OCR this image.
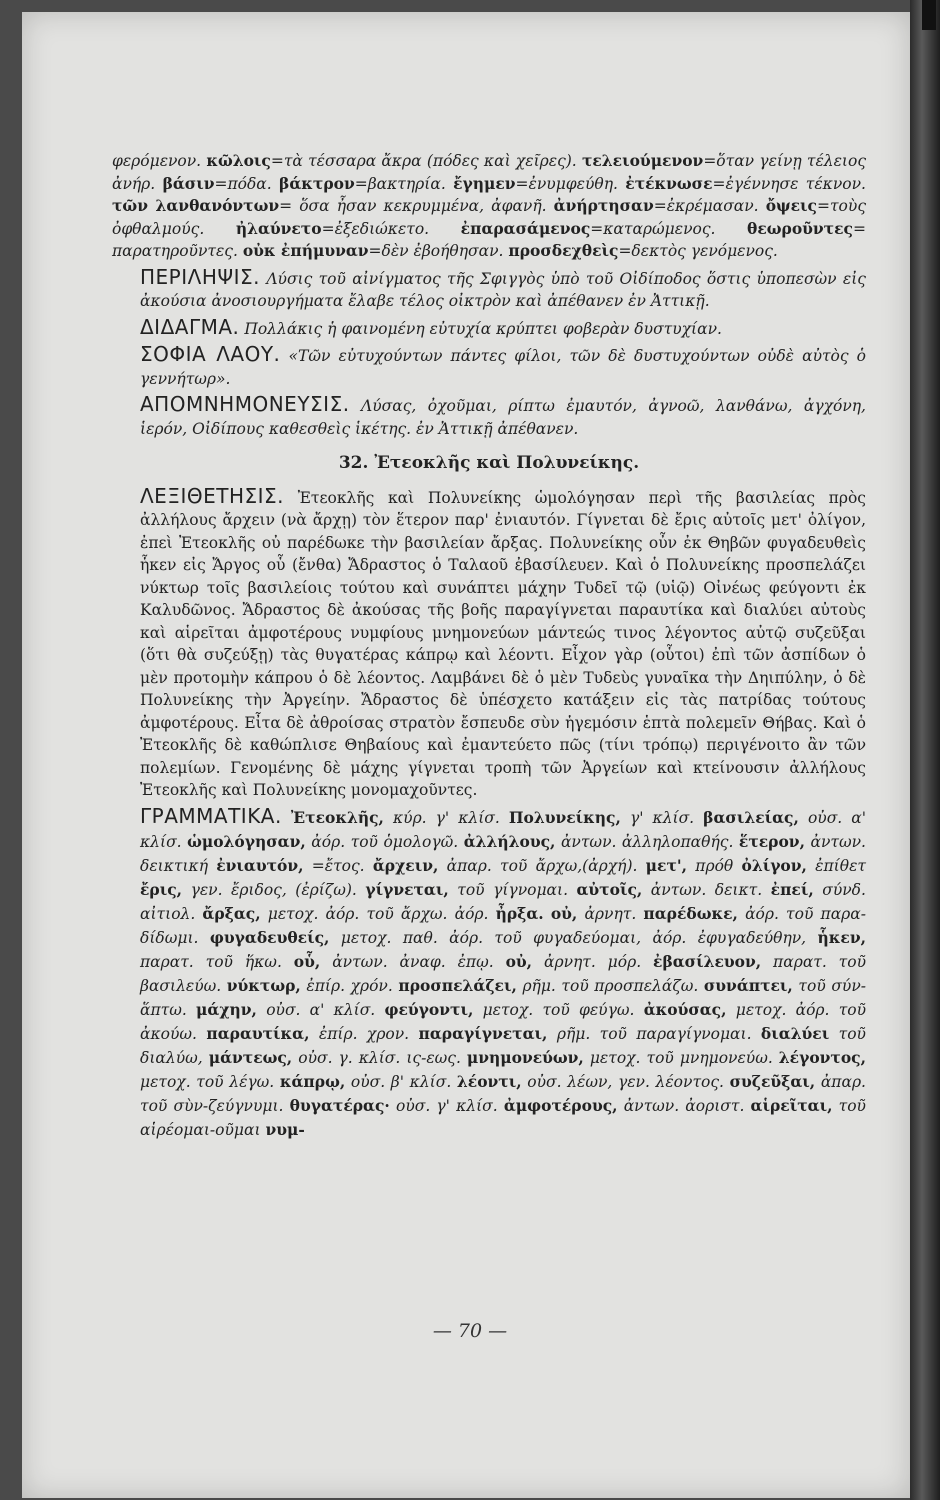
φερόμενον. κῶλοις=τὰ τέσσαρα ἄκρα (πόδες καὶ χεῖρες). τελειούμενον=ὅταν γείνῃ τέλειος ἀνήρ. βάσιν=πόδα. βάκτρον=βακτηρία. ἔγημεν=ἐνυμφεύθη. ἐτέκνωσε=ἐγέννησε τέκνον. τῶν λανθανόντων= ὅσα ἦσαν κεκρυμμένα, ἀφανῆ. ἀνήρτησαν=ἐκρέμασαν. ὄψεις=τοὺς ὀφθαλμούς. ἠλαύνετο=ἐξεδιώκετο. ἐπαρασάμενος=καταρώμενος. θεωροῦντες= παρατηροῦντες. οὐκ ἐπήμυναν=δὲν ἐβοήθησαν. προσδεχθεὶς=δεκτὸς γενόμενος.

ΠΕΡΙΛΗΨΙΣ. Λύσις τοῦ αἰνίγματος τῆς Σφιγγὸς ὑπὸ τοῦ Οἰδίποδος ὅστις ὑποπεσὼν εἰς ἀκούσια ἀνοσιουργήματα ἔλαβε τέλος οἰκτρὸν καὶ ἀπέθανεν ἐν Ἀττικῇ.

ΔΙΔΑΓΜΑ. Πολλάκις ἡ φαινομένη εὐτυχία κρύπτει φοβερὰν δυστυχίαν.

ΣΟΦΙΑ ΛΑΟΥ. «Τῶν εὐτυχούντων πάντες φίλοι, τῶν δὲ δυστυχούντων οὐδὲ αὐτὸς ὁ γεννήτωρ».

ΑΠΟΜΝΗΜΟΝΕΥΣΙΣ. Λύσας, ὀχοῦμαι, ρίπτω ἐμαυτόν, ἀγνοῶ, λανθάνω, ἀγχόνη, ἱερόν, Οἰδίπους καθεσθεὶς ἱκέτης. ἐν Ἀττικῇ ἀπέθανεν.

32. Ἐτεοκλῆς καὶ Πολυνείκης.

ΛΕΞΙΘΕΤΗΣΙΣ. Ἐτεοκλῆς καὶ Πολυνείκης ὡμολόγησαν περὶ τῆς βασιλείας πρὸς ἀλλήλους ἄρχειν (νὰ ἄρχῃ) τὸν ἕτερον παρ' ἐνιαυτόν. Γίγνεται δὲ ἔρις αὐτοῖς μετ' ὀλίγον, ἐπεὶ Ἐτεοκλῆς οὐ παρέδωκε τὴν βασιλείαν ἄρξας. Πολυνείκης οὖν ἐκ Θηβῶν φυγαδευθεὶς ἧκεν εἰς Ἄργος οὗ (ἔνθα) Ἄδραστος ὁ Ταλαοῦ ἐβασίλευεν. Καὶ ὁ Πολυνείκης προσπελάζει νύκτωρ τοῖς βασιλείοις τούτου καὶ συνάπτει μάχην Τυδεῖ τῷ (υἱῷ) Οἰνέως φεύγοντι ἐκ Καλυδῶνος. Ἄδραστος δὲ ἀκούσας τῆς βοῆς παραγίγνεται παραυτίκα καὶ διαλύει αὐτοὺς καὶ αἱρεῖται ἀμφοτέρους νυμφίους μνημονεύων μάντεώς τινος λέγοντος αὐτῷ συζεῦξαι (ὅτι θὰ συζεύξῃ) τὰς θυγατέρας κάπρῳ καὶ λέοντι. Εἶχον γὰρ (οὗτοι) ἐπὶ τῶν ἀσπίδων ὁ μὲν προτομὴν κάπρου ὁ δὲ λέοντος. Λαμβάνει δὲ ὁ μὲν Τυδεὺς γυναῖκα τὴν Δηιπύλην, ὁ δὲ Πολυνείκης τὴν Ἀργείην. Ἄδραστος δὲ ὑπέσχετο κατάξειν εἰς τὰς πατρίδας τούτους ἀμφοτέρους. Εἶτα δὲ ἀθροίσας στρατὸν ἔσπευδε σὺν ἡγεμόσιν ἑπτὰ πολεμεῖν Θήβας. Καὶ ὁ Ἐτεοκλῆς δὲ καθώπλισε Θηβαίους καὶ ἐμαντεύετο πῶς (τίνι τρόπῳ) περιγένοιτο ἂν τῶν πολεμίων. Γενομένης δὲ μάχης γίγνεται τροπὴ τῶν Ἀργείων καὶ κτείνουσιν ἀλλήλους Ἐτεοκλῆς καὶ Πολυνείκης μονομαχοῦντες.

ΓΡΑΜΜΑΤΙΚΑ. Ἐτεοκλῆς, κύρ. γ' κλίσ. Πολυνείκης, γ' κλίσ. βασιλείας, οὐσ. α' κλίσ. ὡμολόγησαν, ἀόρ. τοῦ ὁμολογῶ. ἀλλήλους, ἀντων. ἀλληλοπαθής. ἕτερον, ἀντων. δεικτική ἐνιαυτόν, =ἔτος. ἄρχειν, ἀπαρ. τοῦ ἄρχω,(ἀρχή). μετ', πρόθ ὀλίγον, ἐπίθετ ἔρις, γεν. ἔριδος, (ἐρίζω). γίγνεται, τοῦ γίγνομαι. αὐτοῖς, ἀντων. δεικτ. ἐπεί, σύνδ. αἰτιολ. ἄρξας, μετοχ. ἀόρ. τοῦ ἄρχω. ἀόρ. ἦρξα. οὐ, ἀρνητ. παρέδωκε, ἀόρ. τοῦ παρα-δίδωμι. φυγαδευθείς, μετοχ. παθ. ἀόρ. τοῦ φυγαδεύομαι, ἀόρ. ἐφυγαδεύθην, ἧκεν, παρατ. τοῦ ἥκω. οὗ, ἀντων. ἀναφ. ἐπῳ. οὐ, ἀρνητ. μόρ. ἐβασίλευον, παρατ. τοῦ βασιλεύω. νύκτωρ, ἐπίρ. χρόν. προσπελάζει, ρῆμ. τοῦ προσπελάζω. συνάπτει, τοῦ σύν-ἅπτω. μάχην, οὐσ. α' κλίσ. φεύγοντι, μετοχ. τοῦ φεύγω. ἀκούσας, μετοχ. ἀόρ. τοῦ ἀκούω. παραυτίκα, ἐπίρ. χρον. παραγίγνεται, ρῆμ. τοῦ παραγίγνομαι. διαλύει τοῦ διαλύω, μάντεως, οὐσ. γ. κλίσ. ις-εως. μνημονεύων, μετοχ. τοῦ μνημονεύω. λέγοντος, μετοχ. τοῦ λέγω. κάπρῳ, οὐσ. β' κλίσ. λέοντι, οὐσ. λέων, γεν. λέοντος. συζεῦξαι, ἀπαρ. τοῦ σὺν-ζεύγνυμι. θυγατέρας· οὐσ. γ' κλίσ. ἀμφοτέρους, ἀντων. ἀοριστ. αἱρεῖται, τοῦ αἱρέομαι-οῦμαι νυμ-

— 70 —
